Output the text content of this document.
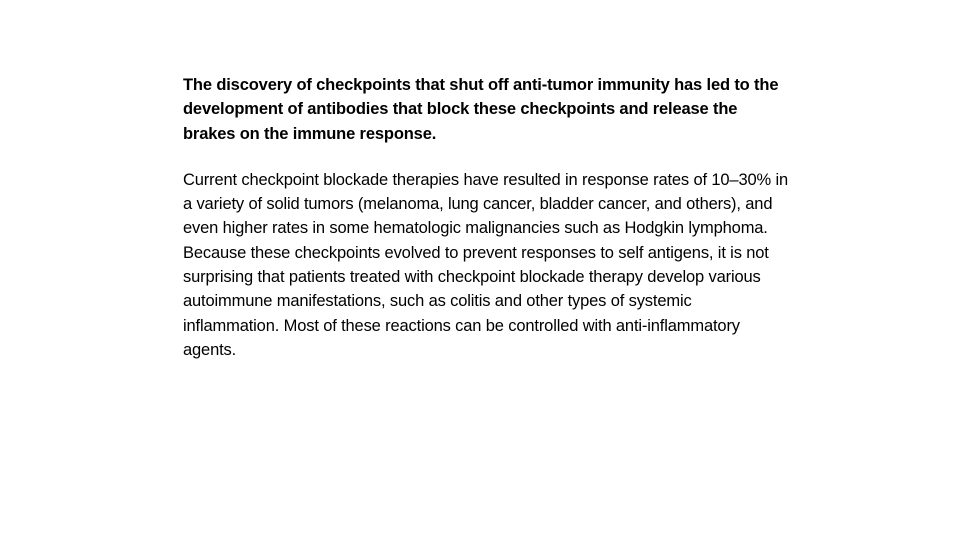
The discovery of checkpoints that shut off anti-tumor immunity has led to the development of antibodies that block these checkpoints and release the brakes on the immune response.

Current checkpoint blockade therapies have resulted in response rates of 10–30% in a variety of solid tumors (melanoma, lung cancer, bladder cancer, and others), and even higher rates in some hematologic malignancies such as Hodgkin lymphoma. Because these checkpoints evolved to prevent responses to self antigens, it is not surprising that patients treated with checkpoint blockade therapy develop various autoimmune manifestations, such as colitis and other types of systemic inflammation. Most of these reactions can be controlled with anti-inflammatory agents.
